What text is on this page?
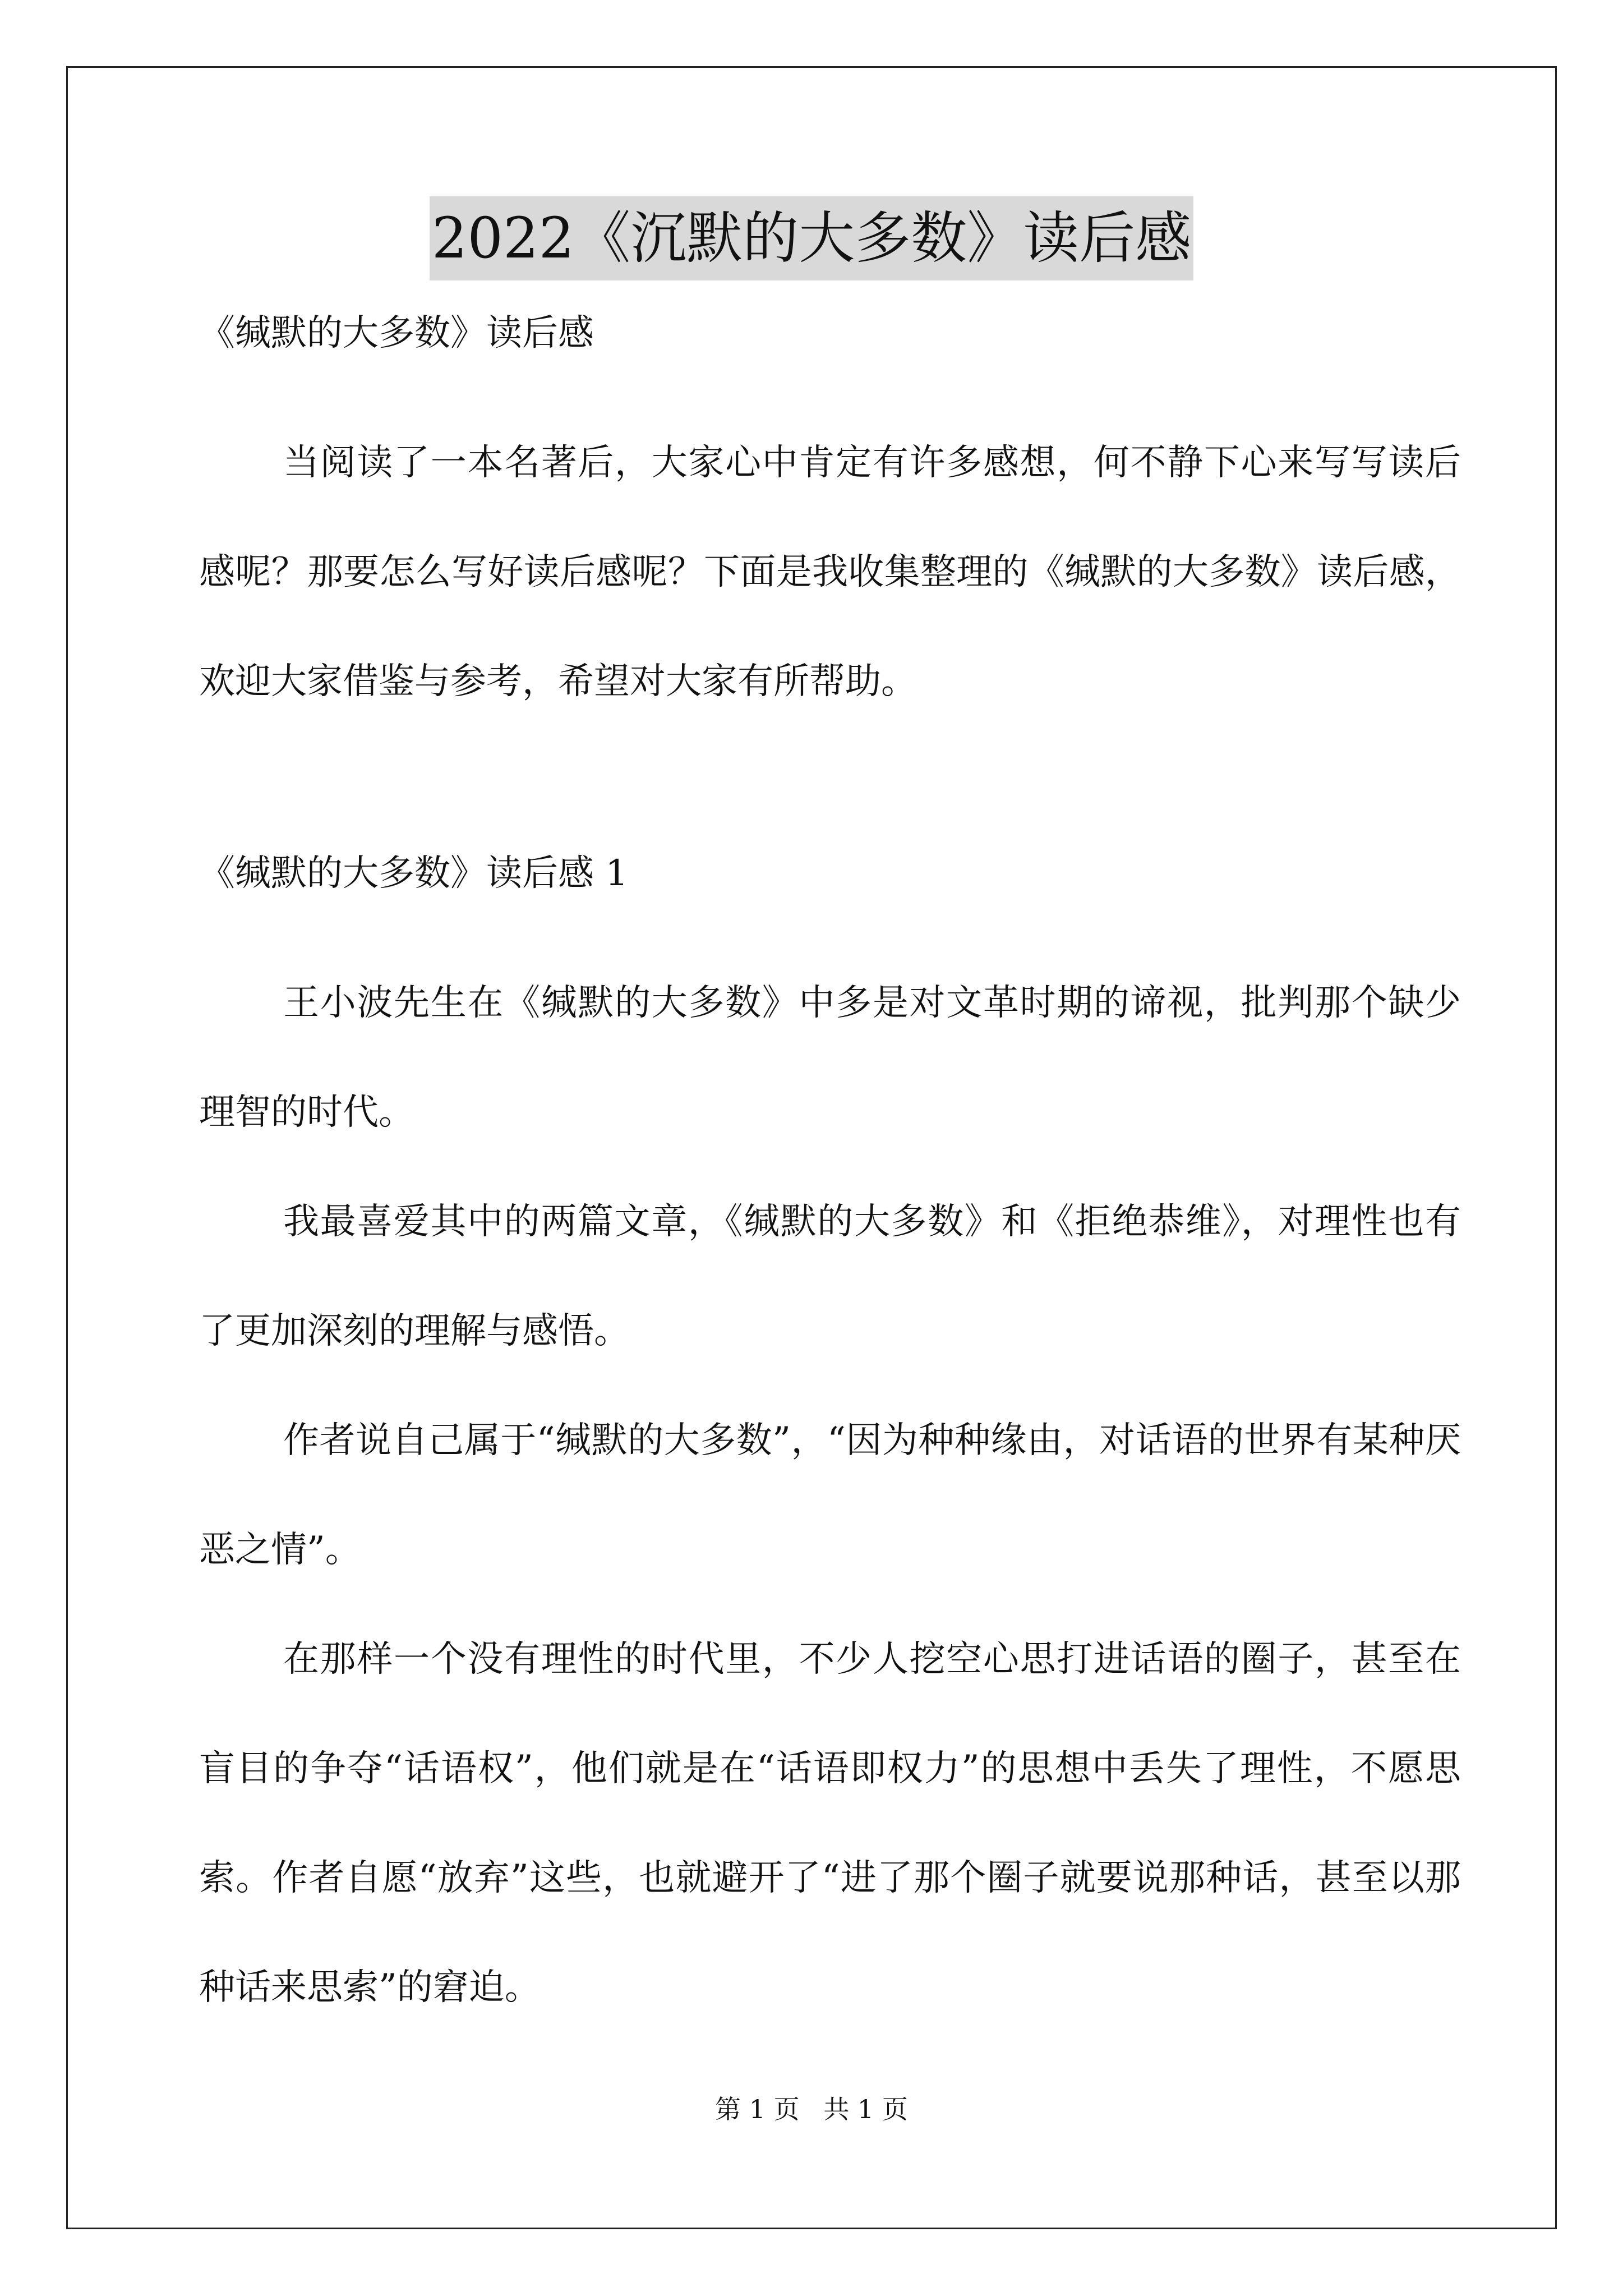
2022《沉默的大多数》读后感

《缄默的大多数》读后感

当阅读了一本名著后，大家心中肯定有许多感想，何不静下心来写写读后感呢？那要怎么写好读后感呢？下面是我收集整理的《缄默的大多数》读后感，欢迎大家借鉴与参考，希望对大家有所帮助。

《缄默的大多数》读后感 1

王小波先生在《缄默的大多数》中多是对文革时期的谛视，批判那个缺少理智的时代。

我最喜爱其中的两篇文章，《缄默的大多数》和《拒绝恭维》，对理性也有了更加深刻的理解与感悟。

作者说自己属于“缄默的大多数”，“因为种种缘由，对话语的世界有某种厌恶之情”。

在那样一个没有理性的时代里，不少人挖空心思打进话语的圈子，甚至在盲目的争夺“话语权”，他们就是在“话语即权力”的思想中丢失了理性，不愿思索。作者自愿“放弃”这些，也就避开了“进了那个圈子就要说那种话，甚至以那种话来思索”的窘迫。

第 1 页 共 1 页
